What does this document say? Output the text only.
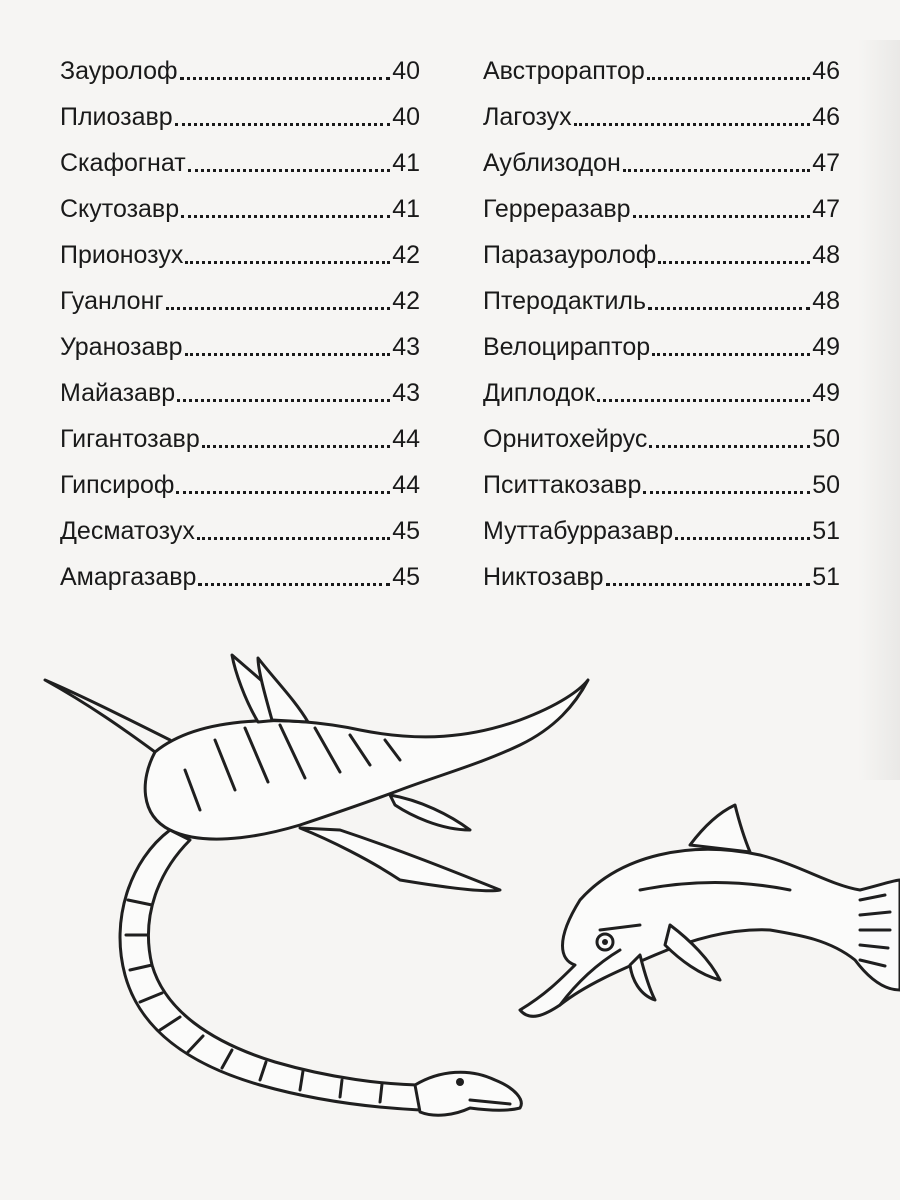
Зауролоф	40
Плиозавр	40
Скафогнат	41
Скутозавр	41
Прионозух	42
Гуанлонг	42
Уранозавр	43
Майазавр	43
Гигантозавр	44
Гипсироф	44
Десматозух	45
Амаргазавр	45
Австрораптор	46
Лагозух	46
Аублизодон	47
Герреразавр	47
Паразауролоф	48
Птеродактиль	48
Велоцираптор	49
Диплодок	49
Орнитохейрус	50
Пситтакозавр	50
Муттабурразавр	51
Никтозавр	51
